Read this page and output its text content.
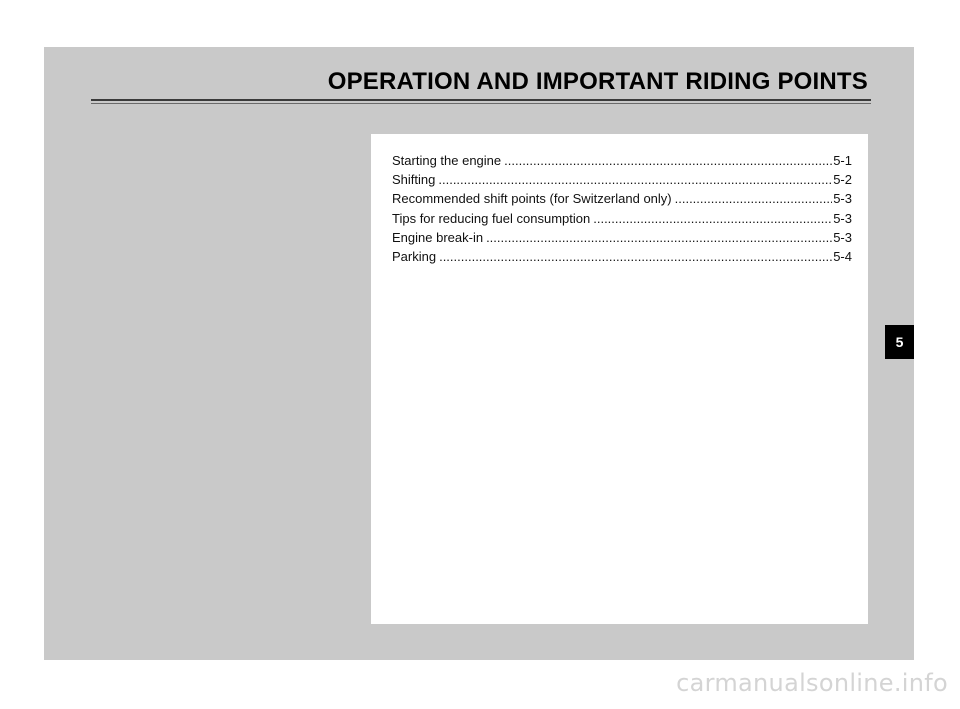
OPERATION AND IMPORTANT RIDING POINTS
Starting the engine .....	5-1
Shifting .....	5-2
Recommended shift points (for Switzerland only) .....	5-3
Tips for reducing fuel consumption .....	5-3
Engine break-in .....	5-3
Parking .....	5-4
5
carmanualsonline.info
